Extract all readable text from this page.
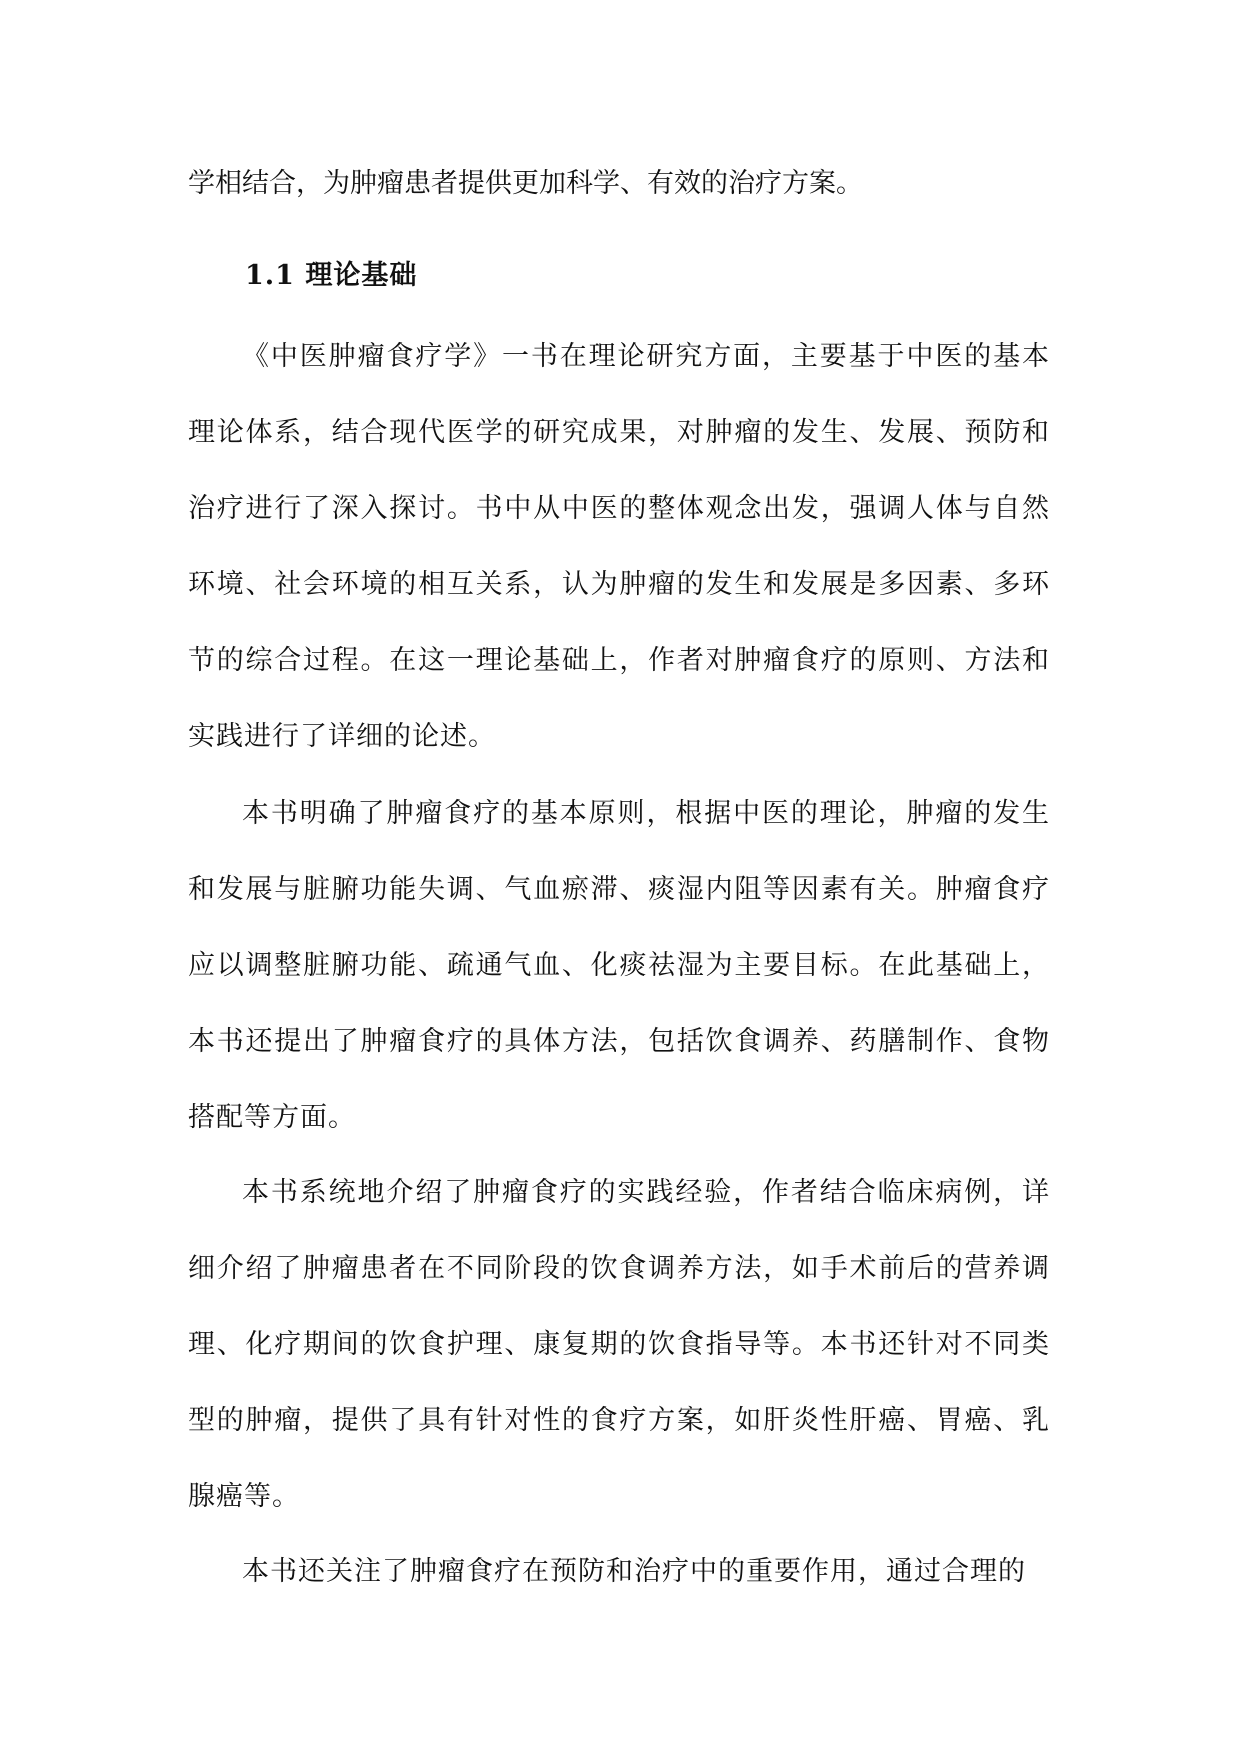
学相结合，为肿瘤患者提供更加科学、有效的治疗方案。

1.1 理论基础

《中医肿瘤食疗学》一书在理论研究方面，主要基于中医的基本理论体系，结合现代医学的研究成果，对肿瘤的发生、发展、预防和治疗进行了深入探讨。书中从中医的整体观念出发，强调人体与自然环境、社会环境的相互关系，认为肿瘤的发生和发展是多因素、多环节的综合过程。在这一理论基础上，作者对肿瘤食疗的原则、方法和实践进行了详细的论述。

本书明确了肿瘤食疗的基本原则，根据中医的理论，肿瘤的发生和发展与脏腑功能失调、气血瘀滞、痰湿内阻等因素有关。肿瘤食疗应以调整脏腑功能、疏通气血、化痰祛湿为主要目标。在此基础上，本书还提出了肿瘤食疗的具体方法，包括饮食调养、药膳制作、食物搭配等方面。

本书系统地介绍了肿瘤食疗的实践经验，作者结合临床病例，详细介绍了肿瘤患者在不同阶段的饮食调养方法，如手术前后的营养调理、化疗期间的饮食护理、康复期的饮食指导等。本书还针对不同类型的肿瘤，提供了具有针对性的食疗方案，如肝炎性肝癌、胃癌、乳腺癌等。

本书还关注了肿瘤食疗在预防和治疗中的重要作用，通过合理的
